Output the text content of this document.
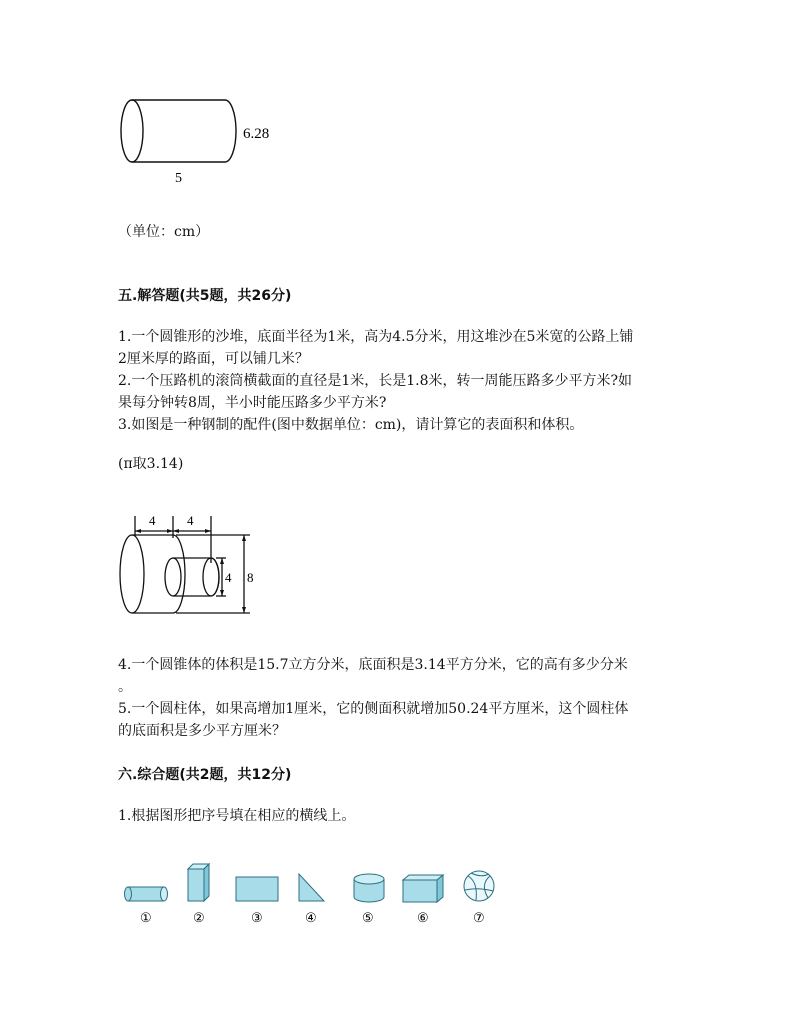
6.28
5
（单位：cm）
五.解答题(共5题，共26分)
1.一个圆锥形的沙堆，底面半径为1米，高为4.5分米，用这堆沙在5米宽的公路上铺
2厘米厚的路面，可以铺几米？
2.一个压路机的滚筒横截面的直径是1米，长是1.8米，转一周能压路多少平方米?如
果每分钟转8周，半小时能压路多少平方米?
3.如图是一种钢制的配件(图中数据单位：cm)，请计算它的表面积和体积。
(π取3.14)
4 4
4 8
4.一个圆锥体的体积是15.7立方分米，底面积是3.14平方分米，它的高有多少分米
。
5.一个圆柱体，如果高增加1厘米，它的侧面积就增加50.24平方厘米，这个圆柱体
的底面积是多少平方厘米？
六.综合题(共2题，共12分)
1.根据图形把序号填在相应的横线上。
①	②	③	④	⑤	⑥	⑦
